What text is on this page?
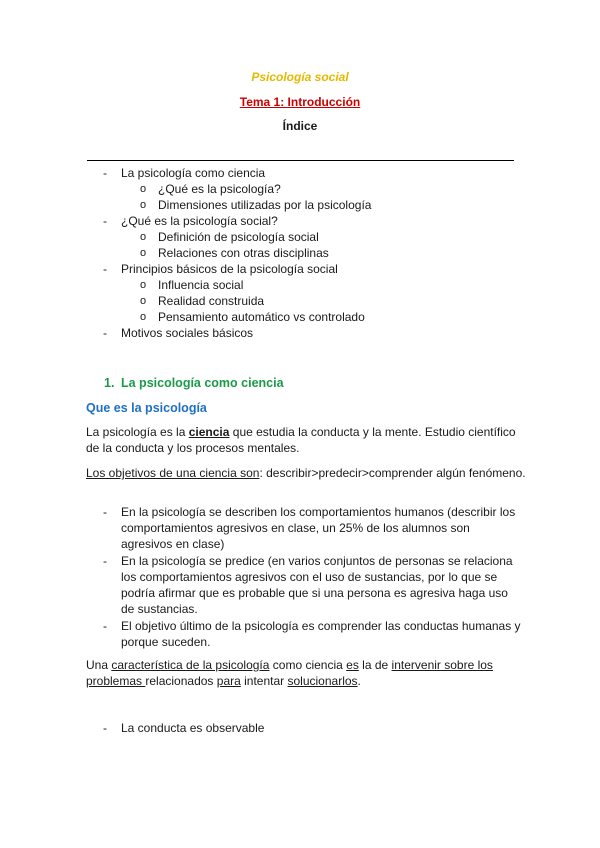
Psicología social
Tema 1: Introducción
Índice
- La psicología como ciencia
o ¿Qué es la psicología?
o Dimensiones utilizadas por la psicología
- ¿Qué es la psicología social?
o Definición de psicología social
o Relaciones con otras disciplinas
- Principios básicos de la psicología social
o Influencia social
o Realidad construida
o Pensamiento automático vs controlado
- Motivos sociales básicos
1. La psicología como ciencia
Que es la psicología

La psicología es la ciencia que estudia la conducta y la mente. Estudio científico de la conducta y los procesos mentales.

Los objetivos de una ciencia son: describir>predecir>comprender algún fenómeno.

- En la psicología se describen los comportamientos humanos (describir los comportamientos agresivos en clase, un 25% de los alumnos son agresivos en clase)
- En la psicología se predice (en varios conjuntos de personas se relaciona los comportamientos agresivos con el uso de sustancias, por lo que se podría afirmar que es probable que si una persona es agresiva haga uso de sustancias.
- El objetivo último de la psicología es comprender las conductas humanas y porque suceden.

Una característica de la psicología como ciencia es la de intervenir sobre los problemas relacionados para intentar solucionarlos.

- La conducta es observable
